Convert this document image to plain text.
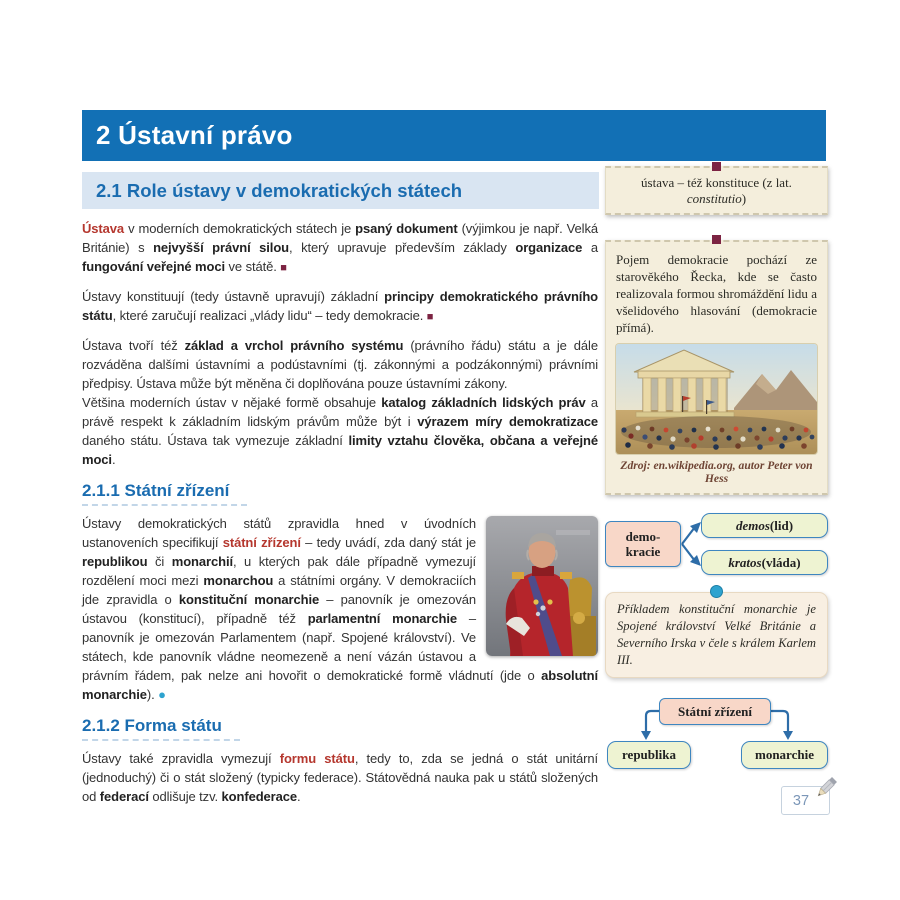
2 Ústavní právo
2.1 Role ústavy v demokratických státech

Ústava v moderních demokratických státech je psaný dokument (výjimkou je např. Velká Británie) s nejvyšší právní silou, který upravuje především základy organizace a fungování veřejné moci ve státě. ■

Ústavy konstituují (tedy ústavně upravují) základní principy demokratického právního státu, které zaručují realizaci „vlády lidu“ – tedy demokracie. ■

Ústava tvoří též základ a vrchol právního systému (právního řádu) státu a je dále rozváděna dalšími ústavními a podústavními (tj. zákonnými a podzákonnými) právními předpisy. Ústava může být měněna či doplňována pouze ústavními zákony.

Většina moderních ústav v nějaké formě obsahuje katalog základních lidských práv a právě respekt k základním lidským právům může být i výrazem míry demokratizace daného státu. Ústava tak vymezuje základní limity vztahu člověka, občana a veřejné moci.

2.1.1 Státní zřízení
Ústavy demokratických států zpravidla hned v úvodních ustanoveních specifikují státní zřízení – tedy uvádí, zda daný stát je republikou či monarchií, u kterých pak dále případně vymezují rozdělení moci mezi monarchou a státními orgány. V demokraciích jde zpravidla o konstituční monarchie – panovník je omezován ústavou (konstitucí), případně též parlamentní monarchie – panovník je omezován Parlamentem (např. Spojené království). Ve státech, kde panovník vládne neomezeně a není vázán ústavou a právním řádem, pak nelze ani hovořit o demokratické formě vládnutí (jde o absolutní monarchie). ●
2.1.2 Forma státu

Ústavy také zpravidla vymezují formu státu, tedy to, zda se jedná o stát unitární (jednoduchý) či o stát složený (typicky federace). Státovědná nauka pak u států složených od federací odlišuje tzv. konfederace.

ústava – též konstituce (z lat. constitutio)
Pojem demokracie pochází ze starověkého Řecka, kde se často realizovala formou shromáždění lidu a všelidového hlasování (demokracie přímá).
Zdroj: en.wikipedia.org, autor Peter von Hess
demo-
kracie
demos (lid)
kratos (vláda)
Příkladem konstituční monarchie je Spojené království Velké Británie a Severního Irska v čele s králem Karlem III.
Státní zřízení
republika	monarchie
37
